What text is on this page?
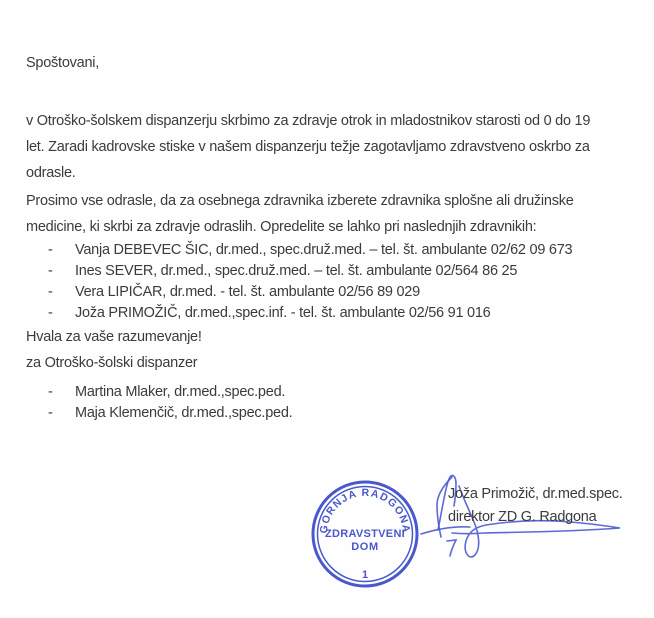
Spoštovani,

v Otroško-šolskem dispanzerju skrbimo za zdravje otrok in mladostnikov starosti od 0 do 19
let. Zaradi kadrovske stiske v našem dispanzerju težje zagotavljamo zdravstveno oskrbo za
odrasle.
Prosimo vse odrasle, da za osebnega zdravnika izberete zdravnika splošne ali družinske
medicine, ki skrbi za zdravje odraslih. Opredelite se lahko pri naslednjih zdravnikih:
-	Vanja DEBEVEC ŠIC, dr.med., spec.druž.med. – tel. št. ambulante 02/62 09 673
-	Ines SEVER, dr.med., spec.druž.med. – tel. št. ambulante 02/564 86 25
-	Vera LIPIČAR, dr.med. - tel. št. ambulante 02/56 89 029
-	Joža PRIMOŽIČ, dr.med.,spec.inf. - tel. št. ambulante 02/56 91 016

Hvala za vaše razumevanje!

za Otroško-šolski dispanzer

-	Martina Mlaker, dr.med.,spec.ped.
-	Maja Klemenčič, dr.med.,spec.ped.
GORNJA RADGONA
ZDRAVSTVENI
DOM
1
Joža Primožič, dr.med.spec.
direktor ZD G. Radgona
